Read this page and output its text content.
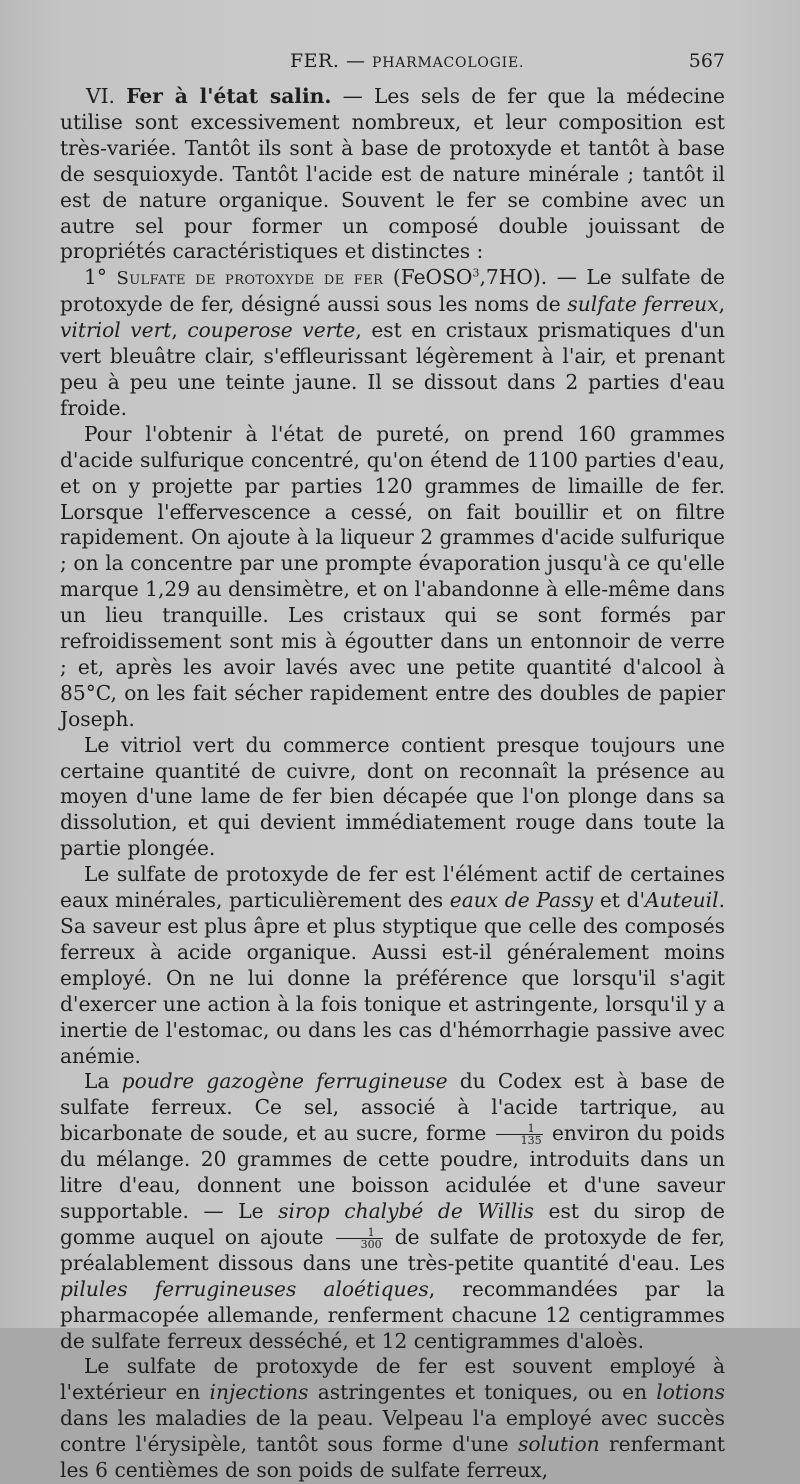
FER. — PHARMACOLOGIE.	567

VI. Fer à l'état salin. — Les sels de fer que la médecine utilise sont excessivement nombreux, et leur composition est très-variée. Tantôt ils sont à base de protoxyde et tantôt à base de sesquioxyde. Tantôt l'acide est de nature minérale ; tantôt il est de nature organique. Souvent le fer se combine avec un autre sel pour former un composé double jouissant de propriétés caractéristiques et distinctes :

1° Sulfate de protoxyde de fer (FeOSO$^3$,7HO). — Le sulfate de protoxyde de fer, désigné aussi sous les noms de sulfate ferreux, vitriol vert, couperose verte, est en cristaux prismatiques d'un vert bleuâtre clair, s'effleurissant légèrement à l'air, et prenant peu à peu une teinte jaune. Il se dissout dans 2 parties d'eau froide.

Pour l'obtenir à l'état de pureté, on prend 160 grammes d'acide sulfurique concentré, qu'on étend de 1100 parties d'eau, et on y projette par parties 120 grammes de limaille de fer. Lorsque l'effervescence a cessé, on fait bouillir et on filtre rapidement. On ajoute à la liqueur 2 grammes d'acide sulfurique ; on la concentre par une prompte évaporation jusqu'à ce qu'elle marque 1,29 au densimètre, et on l'abandonne à elle-même dans un lieu tranquille. Les cristaux qui se sont formés par refroidissement sont mis à égoutter dans un entonnoir de verre ; et, après les avoir lavés avec une petite quantité d'alcool à 85°C, on les fait sécher rapidement entre des doubles de papier Joseph.

Le vitriol vert du commerce contient presque toujours une certaine quantité de cuivre, dont on reconnaît la présence au moyen d'une lame de fer bien décapée que l'on plonge dans sa dissolution, et qui devient immédiatement rouge dans toute la partie plongée.

Le sulfate de protoxyde de fer est l'élément actif de certaines eaux minérales, particulièrement des eaux de Passy et d'Auteuil. Sa saveur est plus âpre et plus styptique que celle des composés ferreux à acide organique. Aussi est-il généralement moins employé. On ne lui donne la préférence que lorsqu'il s'agit d'exercer une action à la fois tonique et astringente, lorsqu'il y a inertie de l'estomac, ou dans les cas d'hémorrhagie passive avec anémie.

La poudre gazogène ferrugineuse du Codex est à base de sulfate ferreux. Ce sel, associé à l'acide tartrique, au bicarbonate de soude, et au sucre, forme $\frac{1}{135}$ environ du poids du mélange. 20 grammes de cette poudre, introduits dans un litre d'eau, donnent une boisson acidulée et d'une saveur supportable. — Le sirop chalybé de Willis est du sirop de gomme auquel on ajoute $\frac{1}{300}$ de sulfate de protoxyde de fer, préalablement dissous dans une très-petite quantité d'eau. Les pilules ferrugineuses aloétiques, recommandées par la pharmacopée allemande, renferment chacune 12 centigrammes de sulfate ferreux desséché, et 12 centigrammes d'aloès.

Le sulfate de protoxyde de fer est souvent employé à l'extérieur en injections astringentes et toniques, ou en lotions dans les maladies de la peau. Velpeau l'a employé avec succès contre l'érysipèle, tantôt sous forme d'une solution renfermant les 6 centièmes de son poids de sulfate ferreux,
